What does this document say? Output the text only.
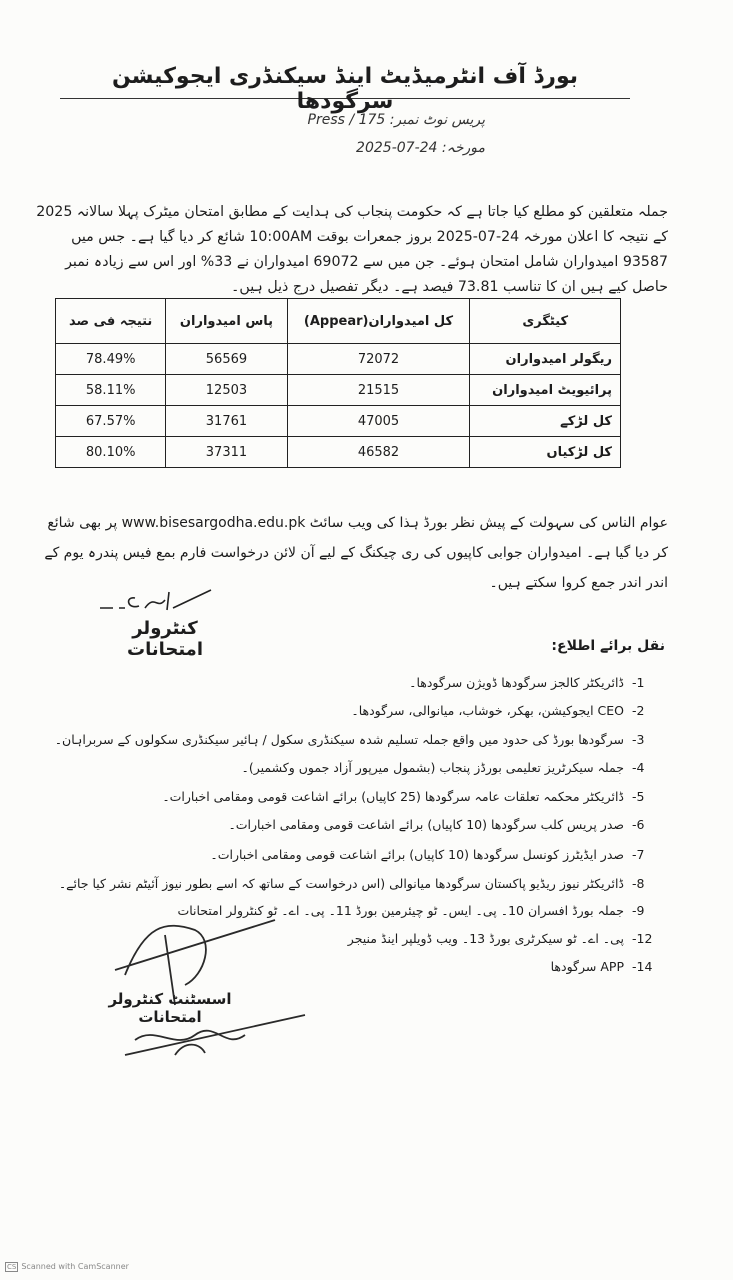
بورڈ آف انٹرمیڈیٹ اینڈ سیکنڈری ایجوکیشن سرگودھا
پریس نوٹ نمبر: 175 / Press
مورخہ: 24-07-2025
جملہ متعلقین کو مطلع کیا جاتا ہے کہ حکومت پنجاب کی ہدایت کے مطابق امتحان میٹرک پہلا سالانہ 2025 کے نتیجہ کا اعلان مورخہ 24-07-2025 بروز جمعرات بوقت 10:00AM شائع کر دیا گیا ہے۔ جس میں 93587 امیدواران شامل امتحان ہوئے۔ جن میں سے 69072 امیدواران نے 33% اور اس سے زیادہ نمبر حاصل کیے ہیں ان کا تناسب 73.81 فیصد ہے۔ دیگر تفصیل درج ذیل ہیں۔
کیٹگری	کل امیدواران(Appear)	پاس امیدواران	نتیجہ فی صد
ریگولر امیدواران	72072	56569	78.49%
پرائیویٹ امیدواران	21515	12503	58.11%
کل لڑکے	47005	31761	67.57%
کل لڑکیاں	46582	37311	80.10%
عوام الناس کی سہولت کے پیش نظر بورڈ ہذا کی ویب سائٹ www.bisesargodha.edu.pk پر بھی شائع کر دیا گیا ہے۔ امیدواران جوابی کاپیوں کی ری چیکنگ کے لیے آن لائن درخواست فارم بمع فیس پندرہ یوم کے اندر اندر جمع کروا سکتے ہیں۔
کنٹرولر امتحانات	نقل برائے اطلاع:
-1
ڈائریکٹر کالجز سرگودھا ڈویژن سرگودھا۔
-2
CEO ایجوکیشن، بھکر، خوشاب، میانوالی، سرگودھا۔
-3
سرگودھا بورڈ کی حدود میں واقع جملہ تسلیم شدہ سیکنڈری سکول / ہائیر سیکنڈری سکولوں کے سربراہان۔
-4
جملہ سیکرٹریز تعلیمی بورڈز پنجاب (بشمول میرپور آزاد جموں وکشمیر)۔
-5
ڈائریکٹر محکمہ تعلقات عامہ سرگودھا (25 کاپیاں) برائے اشاعت قومی ومقامی اخبارات۔
-6
صدر پریس کلب سرگودھا (10 کاپیاں) برائے اشاعت قومی ومقامی اخبارات۔
-7
صدر ایڈیٹرز کونسل سرگودھا (10 کاپیاں) برائے اشاعت قومی ومقامی اخبارات۔
-8
ڈائریکٹر نیوز ریڈیو پاکستان سرگودھا میانوالی (اس درخواست کے ساتھ کہ اسے بطور نیوز آئیٹم نشر کیا جائے۔
-9
جملہ بورڈ افسران 10۔ پی۔ ایس۔ ٹو چیئرمین بورڈ 11۔ پی۔ اے۔ ٹو کنٹرولر امتحانات
-12
پی۔ اے۔ ٹو سیکرٹری بورڈ 13۔ ویب ڈویلپر اینڈ منیجر
-14
APP سرگودھا
اسسٹنٹ کنٹرولر امتحانات
CS Scanned with CamScanner
